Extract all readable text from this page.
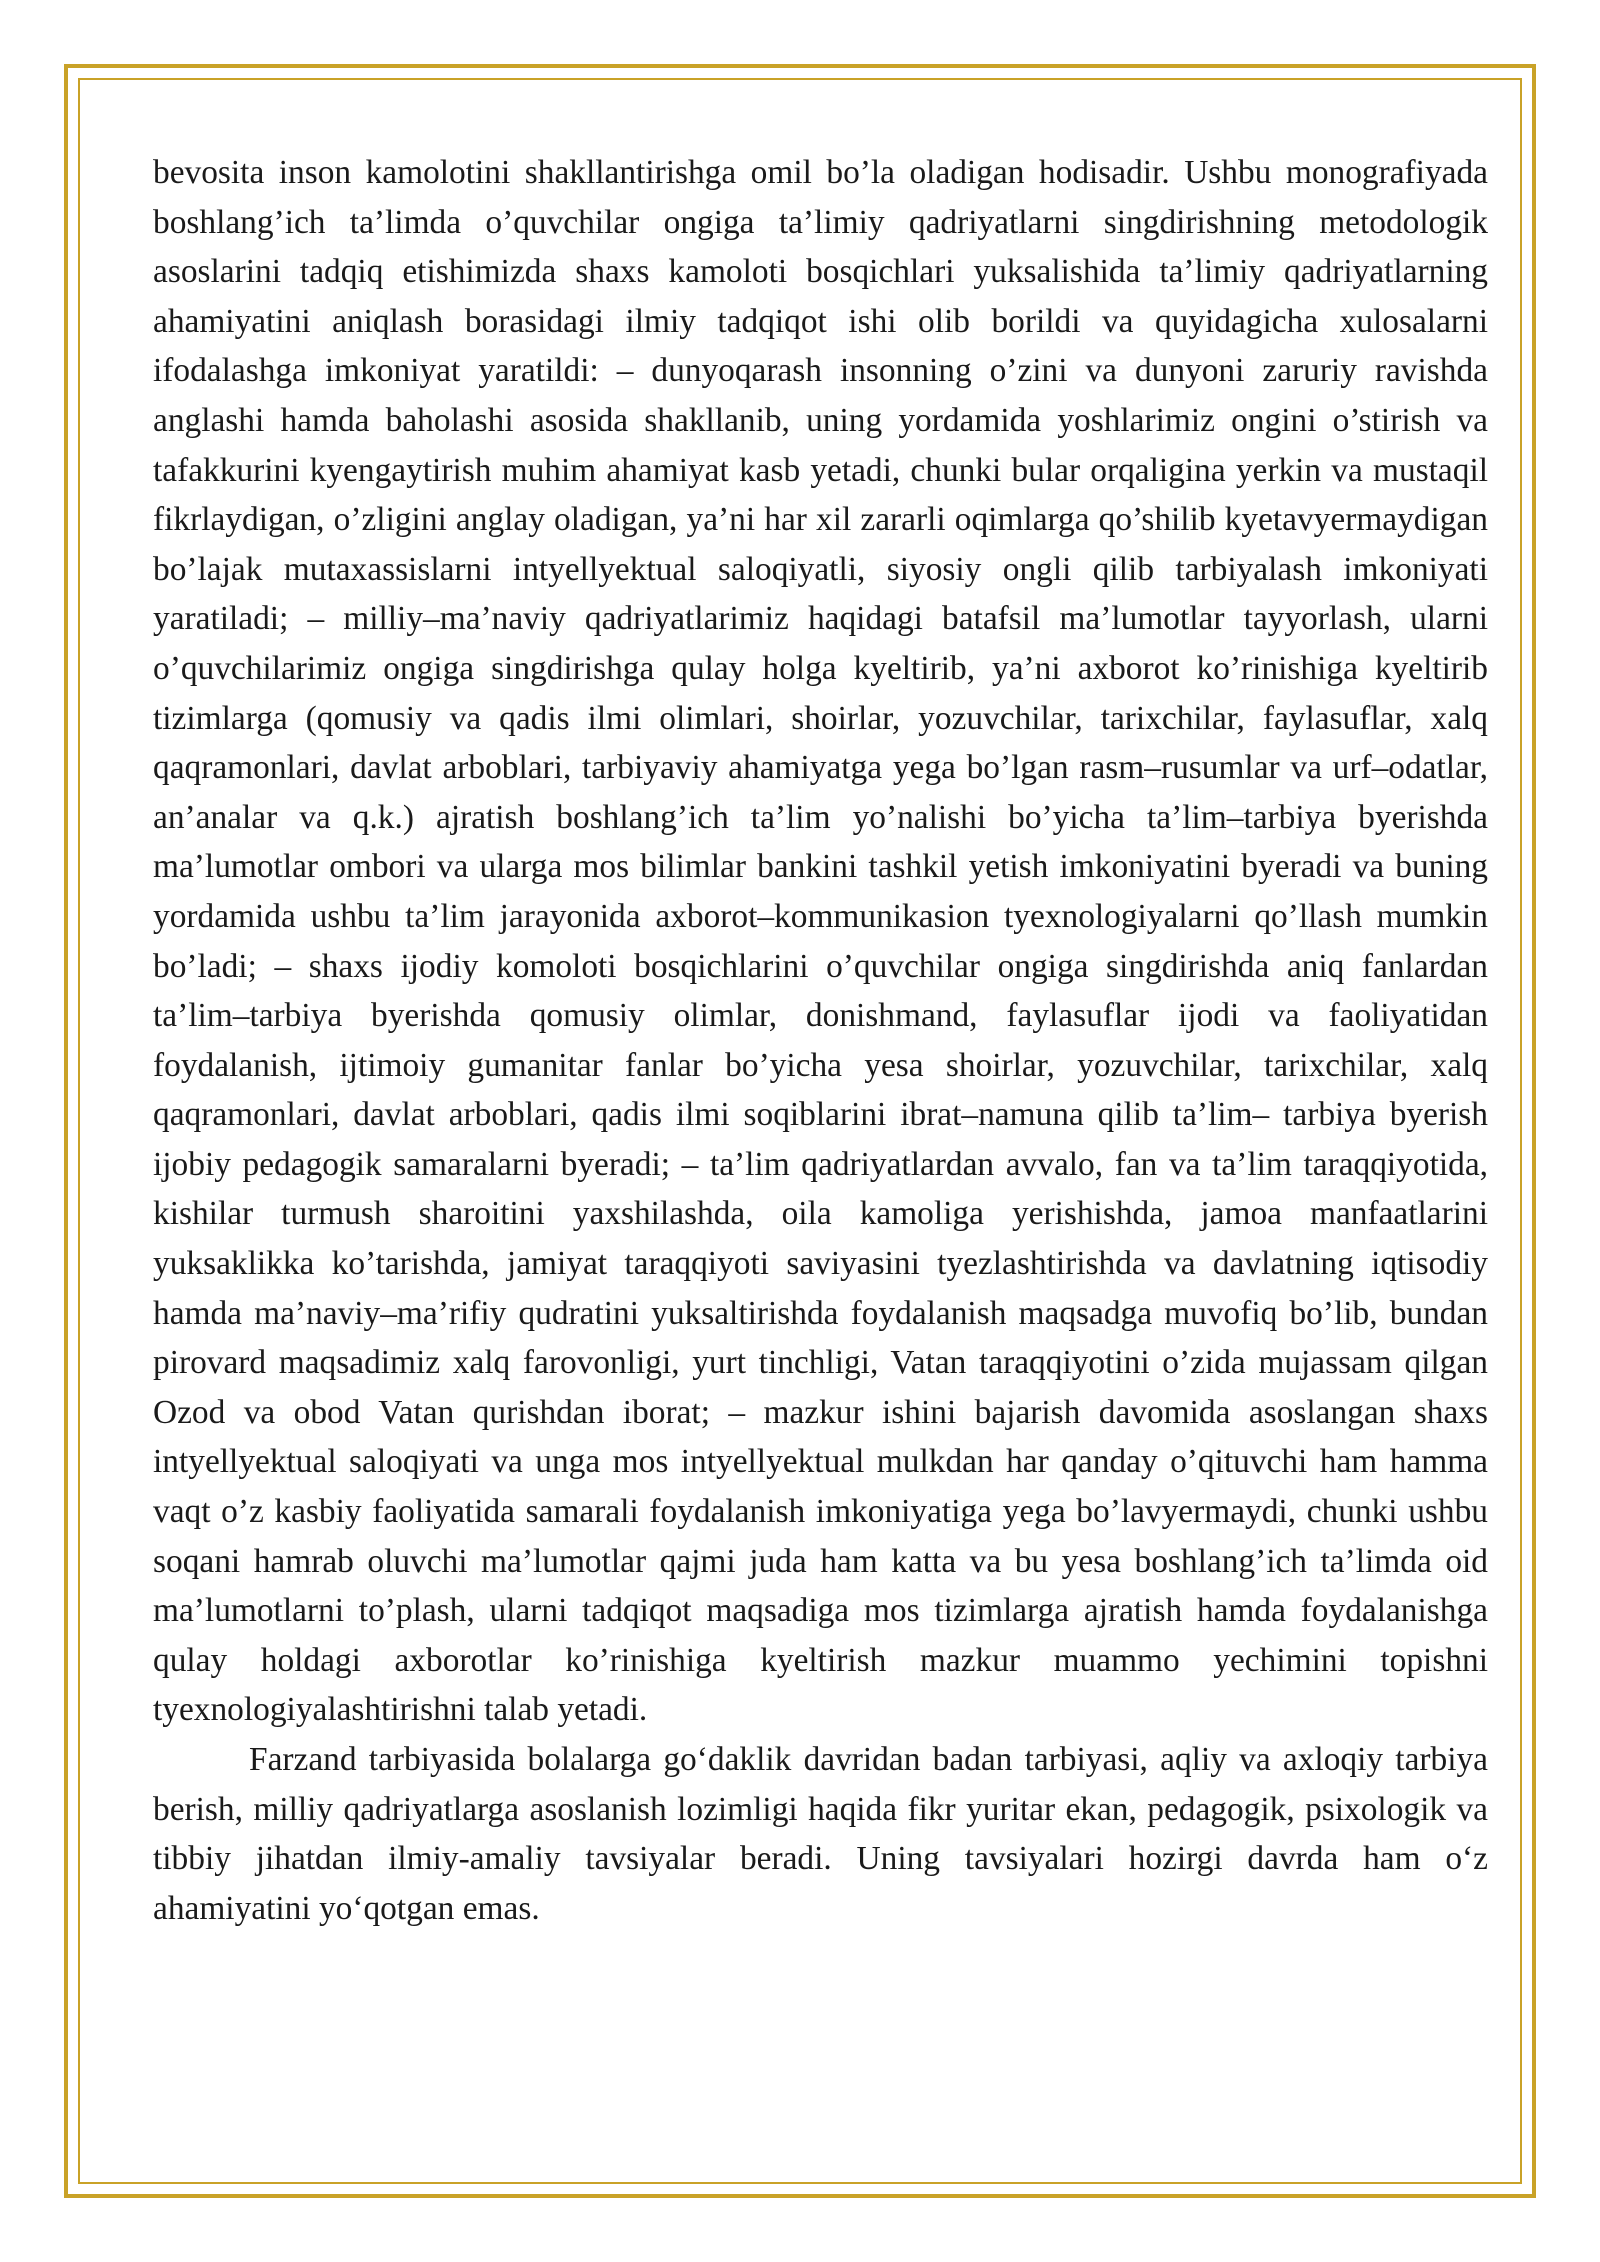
bevosita inson kamolotini shakllantirishga omil bo’la oladigan hodisadir. Ushbu monografiyada boshlang’ich ta’limda o’quvchilar ongiga ta’limiy qadriyatlarni singdirishning metodologik asoslarini tadqiq etishimizda shaxs kamoloti bosqichlari yuksalishida ta’limiy qadriyatlarning ahamiyatini aniqlash borasidagi ilmiy tadqiqot ishi olib borildi va quyidagicha xulosalarni ifodalashga imkoniyat yaratildi: – dunyoqarash insonning o’zini va dunyoni zaruriy ravishda anglashi hamda baholashi asosida shakllanib, uning yordamida yoshlarimiz ongini o’stirish va tafakkurini kyengaytirish muhim ahamiyat kasb yetadi, chunki bular orqaligina yerkin va mustaqil fikrlaydigan, o’zligini anglay oladigan, ya’ni har xil zararli oqimlarga qo’shilib kyetavyermaydigan bo’lajak mutaxassislarni intyellyektual saloqiyatli, siyosiy ongli qilib tarbiyalash imkoniyati yaratiladi; – milliy–ma’naviy qadriyatlarimiz haqidagi batafsil ma’lumotlar tayyorlash, ularni o’quvchilarimiz ongiga singdirishga qulay holga kyeltirib, ya’ni axborot ko’rinishiga kyeltirib tizimlarga (qomusiy va qadis ilmi olimlari, shoirlar, yozuvchilar, tarixchilar, faylasuflar, xalq qaqramonlari, davlat arboblari, tarbiyaviy ahamiyatga yega bo’lgan rasm–rusumlar va urf–odatlar, an’analar va q.k.) ajratish boshlang’ich ta’lim yo’nalishi bo’yicha ta’lim–tarbiya byerishda ma’lumotlar ombori va ularga mos bilimlar bankini tashkil yetish imkoniyatini byeradi va buning yordamida ushbu ta’lim jarayonida axborot–kommunikasion tyexnologiyalarni qo’llash mumkin bo’ladi; – shaxs ijodiy komoloti bosqichlarini o’quvchilar ongiga singdirishda aniq fanlardan ta’lim–tarbiya byerishda qomusiy olimlar, donishmand, faylasuflar ijodi va faoliyatidan foydalanish, ijtimoiy gumanitar fanlar bo’yicha yesa shoirlar, yozuvchilar, tarixchilar, xalq qaqramonlari, davlat arboblari, qadis ilmi soqiblarini ibrat–namuna qilib ta’lim– tarbiya byerish ijobiy pedagogik samaralarni byeradi; – ta’lim qadriyatlardan avvalo, fan va ta’lim taraqqiyotida, kishilar turmush sharoitini yaxshilashda, oila kamoliga yerishishda, jamoa manfaatlarini yuksaklikka ko’tarishda, jamiyat taraqqiyoti saviyasini tyezlashtirishda va davlatning iqtisodiy hamda ma’naviy–ma’rifiy qudratini yuksaltirishda foydalanish maqsadga muvofiq bo’lib, bundan pirovard maqsadimiz xalq farovonligi, yurt tinchligi, Vatan taraqqiyotini o’zida mujassam qilgan Ozod va obod Vatan qurishdan iborat; – mazkur ishini bajarish davomida asoslangan shaxs intyellyektual saloqiyati va unga mos intyellyektual mulkdan har qanday o’qituvchi ham hamma vaqt o’z kasbiy faoliyatida samarali foydalanish imkoniyatiga yega bo’lavyermaydi, chunki ushbu soqani hamrab oluvchi ma’lumotlar qajmi juda ham katta va bu yesa boshlang’ich ta’limda oid ma’lumotlarni to’plash, ularni tadqiqot maqsadiga mos tizimlarga ajratish hamda foydalanishga qulay holdagi axborotlar ko’rinishiga kyeltirish mazkur muammo yechimini topishni tyexnologiyalashtirishni talab yetadi.

Farzand tarbiyasida bolalarga go‘daklik davridan badan tarbiyasi, aqliy va axloqiy tarbiya berish, milliy qadriyatlarga asoslanish lozimligi haqida fikr yuritar ekan, pedagogik, psixologik va tibbiy jihatdan ilmiy-amaliy tavsiyalar beradi. Uning tavsiyalari hozirgi davrda ham o‘z ahamiyatini yo‘qotgan emas.
